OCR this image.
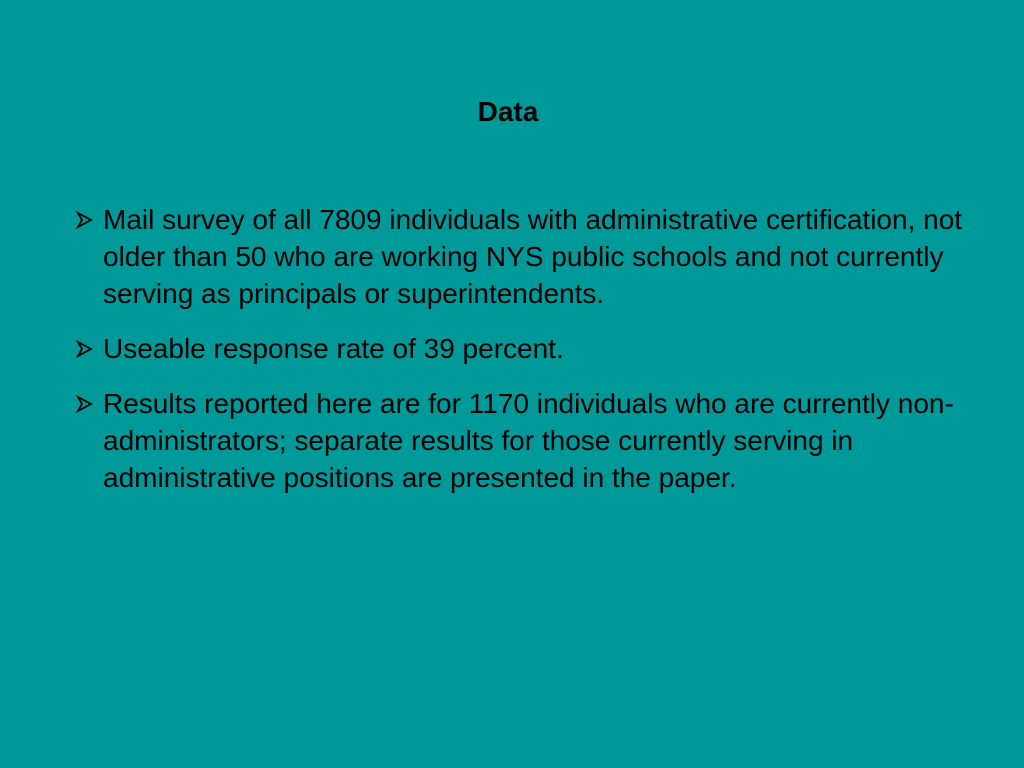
Data
Mail survey of all 7809 individuals with administrative certification, not older than 50 who are working NYS public schools and not currently serving as principals or superintendents.
Useable response rate of 39 percent.
Results reported here are for 1170 individuals who are currently non-administrators; separate results for those currently serving in administrative positions are presented in the paper.
